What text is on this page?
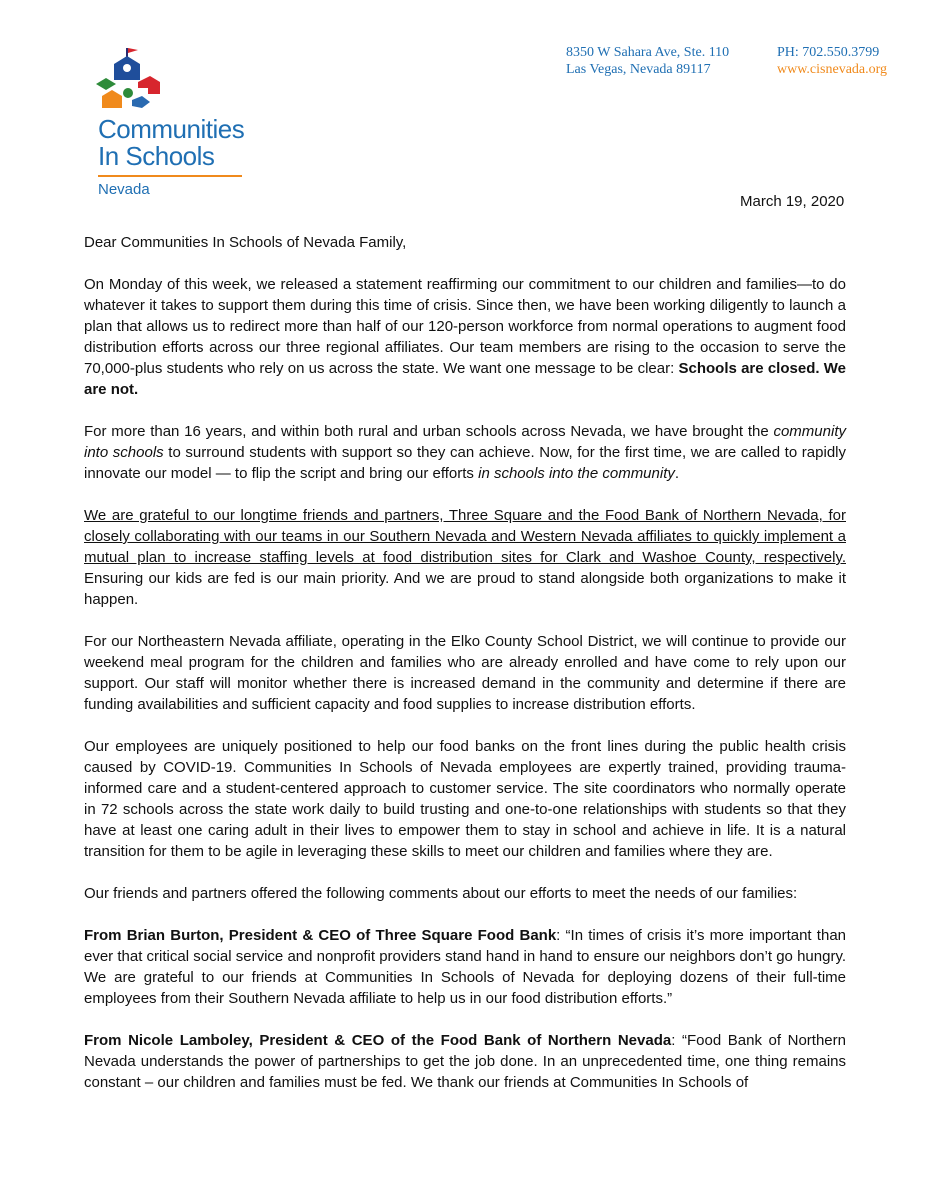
Communities
In Schools
Nevada
8350 W Sahara Ave, Ste. 110
Las Vegas, Nevada 89117
PH: 702.550.3799
www.cisnevada.org
March 19, 2020

Dear Communities In Schools of Nevada Family,

On Monday of this week, we released a statement reaffirming our commitment to our children and families—to do whatever it takes to support them during this time of crisis. Since then, we have been working diligently to launch a plan that allows us to redirect more than half of our 120-person workforce from normal operations to augment food distribution efforts across our three regional affiliates. Our team members are rising to the occasion to serve the 70,000-plus students who rely on us across the state. We want one message to be clear: Schools are closed. We are not.

For more than 16 years, and within both rural and urban schools across Nevada, we have brought the community into schools to surround students with support so they can achieve. Now, for the first time, we are called to rapidly innovate our model — to flip the script and bring our efforts in schools into the community.

We are grateful to our longtime friends and partners, Three Square and the Food Bank of Northern Nevada, for closely collaborating with our teams in our Southern Nevada and Western Nevada affiliates to quickly implement a mutual plan to increase staffing levels at food distribution sites for Clark and Washoe County, respectively. Ensuring our kids are fed is our main priority. And we are proud to stand alongside both organizations to make it happen.

For our Northeastern Nevada affiliate, operating in the Elko County School District, we will continue to provide our weekend meal program for the children and families who are already enrolled and have come to rely upon our support. Our staff will monitor whether there is increased demand in the community and determine if there are funding availabilities and sufficient capacity and food supplies to increase distribution efforts.

Our employees are uniquely positioned to help our food banks on the front lines during the public health crisis caused by COVID-19. Communities In Schools of Nevada employees are expertly trained, providing trauma-informed care and a student-centered approach to customer service. The site coordinators who normally operate in 72 schools across the state work daily to build trusting and one-to-one relationships with students so that they have at least one caring adult in their lives to empower them to stay in school and achieve in life. It is a natural transition for them to be agile in leveraging these skills to meet our children and families where they are.

Our friends and partners offered the following comments about our efforts to meet the needs of our families:

From Brian Burton, President & CEO of Three Square Food Bank: “In times of crisis it’s more important than ever that critical social service and nonprofit providers stand hand in hand to ensure our neighbors don’t go hungry. We are grateful to our friends at Communities In Schools of Nevada for deploying dozens of their full-time employees from their Southern Nevada affiliate to help us in our food distribution efforts.”

From Nicole Lamboley, President & CEO of the Food Bank of Northern Nevada: “Food Bank of Northern Nevada understands the power of partnerships to get the job done. In an unprecedented time, one thing remains constant – our children and families must be fed. We thank our friends at Communities In Schools of
